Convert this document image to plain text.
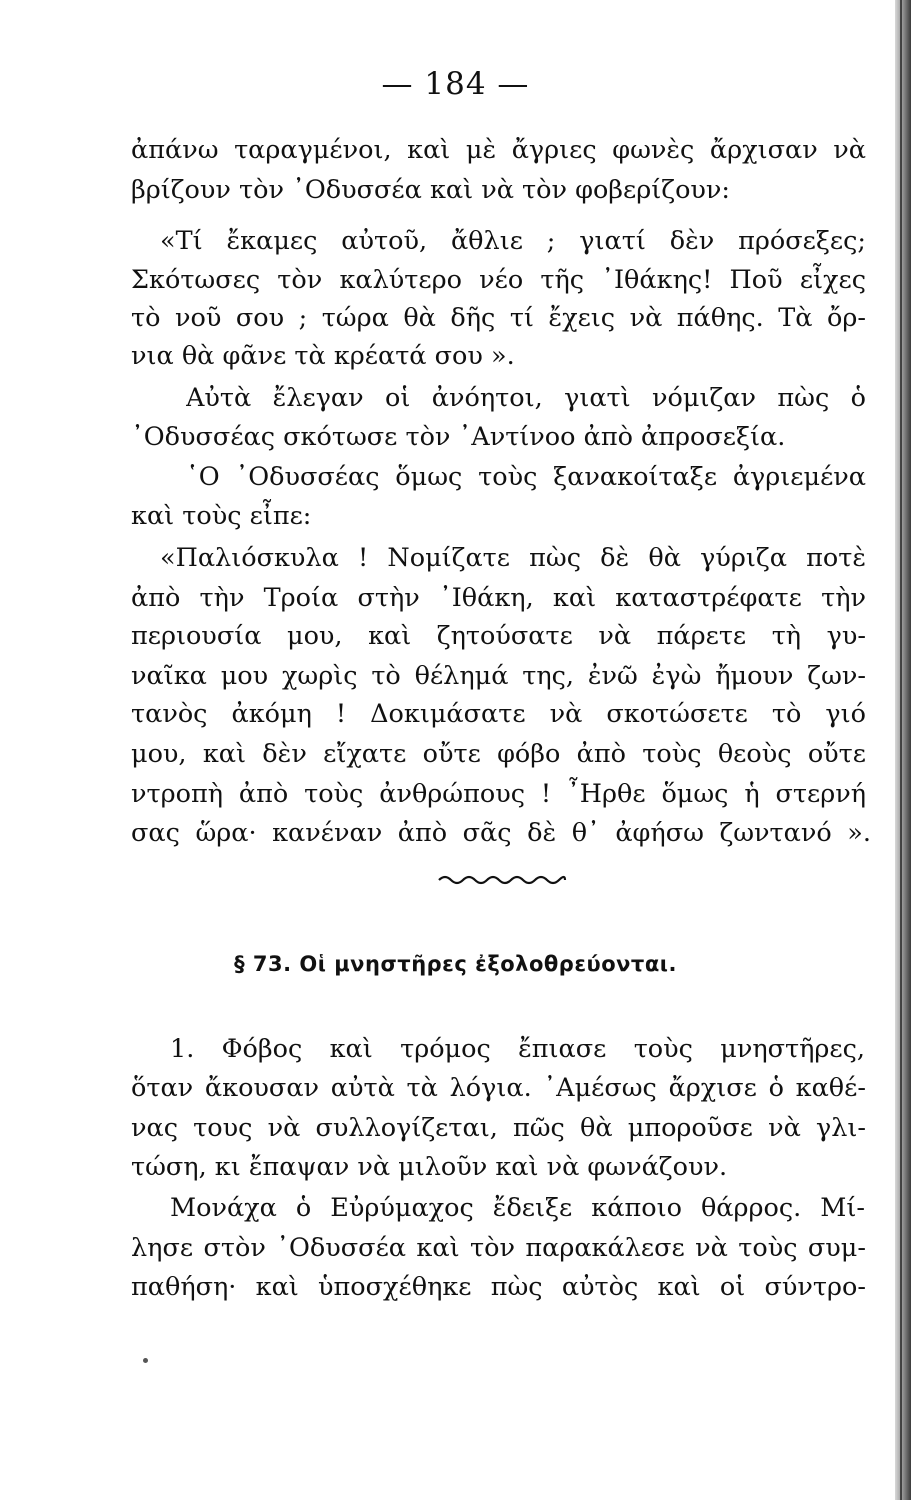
— 184 —
ἀπάνω ταραγμένοι, καὶ μὲ ἄγριες φωνὲς ἄρχισαν νὰ
βρίζουν τὸν ᾿Οδυσσέα καὶ νὰ τὸν φοβερίζουν:
«Τί ἔκαμες αὐτοῦ, ἄθλιε ; γιατί δὲν πρόσεξες;
Σκότωσες τὸν καλύτερο νέο τῆς ᾿Ιθάκης! Ποῦ εἶχες
τὸ νοῦ σου ; τώρα θὰ δῆς τί ἔχεις νὰ πάθης. Τὰ ὄρ-
νια θὰ φᾶνε τὰ κρέατά σου ».
Αὐτὰ ἔλεγαν οἱ ἀνόητοι, γιατὶ νόμιζαν πὼς ὁ
᾿Οδυσσέας σκότωσε τὸν ᾿Αντίνοο ἀπὸ ἀπροσεξία.
῾Ο ᾿Οδυσσέας ὅμως τοὺς ξανακοίταξε ἀγριεμένα
καὶ τοὺς εἶπε:
«Παλιόσκυλα ! Νομίζατε πὼς δὲ θὰ γύριζα ποτὲ
ἀπὸ τὴν Τροία στὴν ᾿Ιθάκη, καὶ καταστρέφατε τὴν
περιουσία μου, καὶ ζητούσατε νὰ πάρετε τὴ γυ-
ναῖκα μου χωρὶς τὸ θέλημά της, ἐνῶ ἐγὼ ἤμουν ζων-
τανὸς ἀκόμη ! Δοκιμάσατε νὰ σκοτώσετε τὸ γιό
μου, καὶ δὲν εἴχατε οὔτε φόβο ἀπὸ τοὺς θεοὺς οὔτε
ντροπὴ ἀπὸ τοὺς ἀνθρώπους ! ῏Ηρθε ὅμως ἡ στερνή
σας ὥρα· κανέναν ἀπὸ σᾶς δὲ θ᾿ ἀφήσω ζωντανό ».
§ 73. Οἱ μνηστῆρες ἐξολοθρεύονται.
1. Φόβος καὶ τρόμος ἔπιασε τοὺς μνηστῆρες,
ὅταν ἄκουσαν αὐτὰ τὰ λόγια. ᾿Αμέσως ἄρχισε ὁ καθέ-
νας τους νὰ συλλογίζεται, πῶς θὰ μποροῦσε νὰ γλι-
τώση, κι ἔπαψαν νὰ μιλοῦν καὶ νὰ φωνάζουν.
Μονάχα ὁ Εὐρύμαχος ἔδειξε κάποιο θάρρος. Μί-
λησε στὸν ᾿Οδυσσέα καὶ τὸν παρακάλεσε νὰ τοὺς συμ-
παθήση· καὶ ὑποσχέθηκε πὼς αὐτὸς καὶ οἱ σύντρο-
